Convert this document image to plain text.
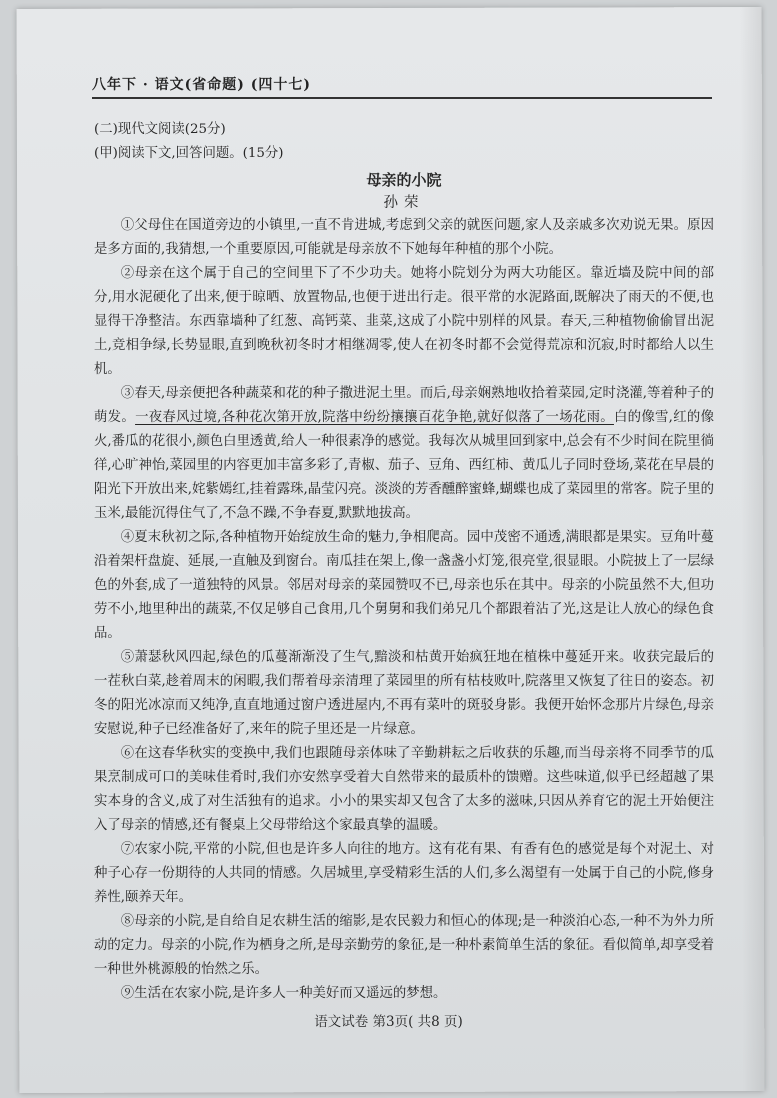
八年下 · 语文(省命题) (四十七)

(二)现代文阅读(25分)

(甲)阅读下文,回答问题。(15分)

母亲的小院

孙荣

①父母住在国道旁边的小镇里,一直不肯进城,考虑到父亲的就医问题,家人及亲戚多次劝说无果。原因是多方面的,我猜想,一个重要原因,可能就是母亲放不下她每年种植的那个小院。

②母亲在这个属于自己的空间里下了不少功夫。她将小院划分为两大功能区。靠近墙及院中间的部分,用水泥硬化了出来,便于晾晒、放置物品,也便于进出行走。很平常的水泥路面,既解决了雨天的不便,也显得干净整洁。东西靠墙种了红葱、高钙菜、韭菜,这成了小院中别样的风景。春天,三种植物偷偷冒出泥土,竞相争绿,长势显眼,直到晚秋初冬时才相继凋零,使人在初冬时都不会觉得荒凉和沉寂,时时都给人以生机。

③春天,母亲便把各种蔬菜和花的种子撒进泥土里。而后,母亲娴熟地收拾着菜园,定时浇灌,等着种子的萌发。一夜春风过境,各种花次第开放,院落中纷纷攘攘百花争艳,就好似落了一场花雨。白的像雪,红的像火,番瓜的花很小,颜色白里透黄,给人一种很素净的感觉。我每次从城里回到家中,总会有不少时间在院里徜徉,心旷神怡,菜园里的内容更加丰富多彩了,青椒、茄子、豆角、西红柿、黄瓜儿子同时登场,菜花在早晨的阳光下开放出来,姹紫嫣红,挂着露珠,晶莹闪亮。淡淡的芳香醺醉蜜蜂,蝴蝶也成了菜园里的常客。院子里的玉米,最能沉得住气了,不急不躁,不争春夏,默默地拔高。

④夏末秋初之际,各种植物开始绽放生命的魅力,争相爬高。园中茂密不通透,满眼都是果实。豆角叶蔓沿着架杆盘旋、延展,一直触及到窗台。南瓜挂在架上,像一盏盏小灯笼,很亮堂,很显眼。小院披上了一层绿色的外套,成了一道独特的风景。邻居对母亲的菜园赞叹不已,母亲也乐在其中。母亲的小院虽然不大,但功劳不小,地里种出的蔬菜,不仅足够自己食用,几个舅舅和我们弟兄几个都跟着沾了光,这是让人放心的绿色食品。

⑤萧瑟秋风四起,绿色的瓜蔓渐渐没了生气,黯淡和枯黄开始疯狂地在植株中蔓延开来。收获完最后的一茬秋白菜,趁着周末的闲暇,我们帮着母亲清理了菜园里的所有枯枝败叶,院落里又恢复了往日的姿态。初冬的阳光冰凉而又纯净,直直地通过窗户透进屋内,不再有菜叶的斑驳身影。我便开始怀念那片片绿色,母亲安慰说,种子已经准备好了,来年的院子里还是一片绿意。

⑥在这春华秋实的变换中,我们也跟随母亲体味了辛勤耕耘之后收获的乐趣,而当母亲将不同季节的瓜果烹制成可口的美味佳肴时,我们亦安然享受着大自然带来的最质朴的馈赠。这些味道,似乎已经超越了果实本身的含义,成了对生活独有的追求。小小的果实却又包含了太多的滋味,只因从养育它的泥土开始便注入了母亲的情感,还有餐桌上父母带给这个家最真挚的温暖。

⑦农家小院,平常的小院,但也是许多人向往的地方。这有花有果、有香有色的感觉是每个对泥土、对种子心存一份期待的人共同的情感。久居城里,享受精彩生活的人们,多么渴望有一处属于自己的小院,修身养性,颐养天年。

⑧母亲的小院,是自给自足农耕生活的缩影,是农民毅力和恒心的体现;是一种淡泊心态,一种不为外力所动的定力。母亲的小院,作为栖身之所,是母亲勤劳的象征,是一种朴素简单生活的象征。看似简单,却享受着一种世外桃源般的怡然之乐。

⑨生活在农家小院,是许多人一种美好而又遥远的梦想。

语文试卷 第3页( 共8 页)
